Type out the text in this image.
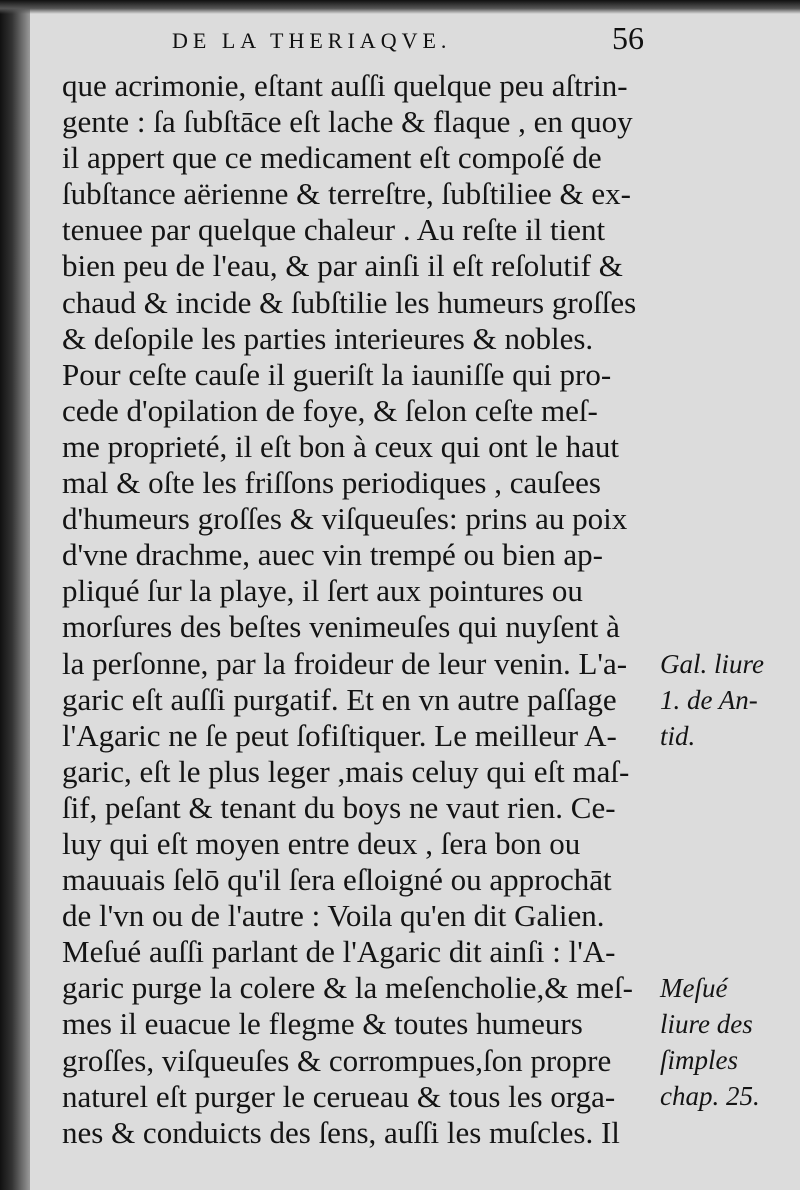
DE LA THERIAQVE.	56
que acrimonie, eſtant auſſi quelque peu aſtrin-
gente : ſa ſubſtāce eſt lache & flaque , en quoy
il appert que ce medicament eſt compoſé de
ſubſtance aërienne & terreſtre, ſubſtiliee & ex-
tenuee par quelque chaleur . Au reſte il tient
bien peu de l'eau, & par ainſi il eſt reſolutif &
chaud & incide & ſubſtilie les humeurs groſſes
& deſopile les parties interieures & nobles.
Pour ceſte cauſe il gueriſt la iauniſſe qui pro-
cede d'opilation de foye, & ſelon ceſte meſ-
me proprieté, il eſt bon à ceux qui ont le haut
mal & oſte les friſſons periodiques , cauſees
d'humeurs groſſes & viſqueuſes: prins au poix
d'vne drachme, auec vin trempé ou bien ap-
pliqué ſur la playe, il ſert aux pointures ou
morſures des beſtes venimeuſes qui nuyſent à
la perſonne, par la froideur de leur venin. L'a-
garic eſt auſſi purgatif. Et en vn autre paſſage
l'Agaric ne ſe peut ſofiſtiquer. Le meilleur A-
garic, eſt le plus leger ,mais celuy qui eſt maſ-
ſif, peſant & tenant du boys ne vaut rien. Ce-
luy qui eſt moyen entre deux , ſera bon ou
mauuais ſelō qu'il ſera eſloigné ou approchāt
de l'vn ou de l'autre : Voila qu'en dit Galien.
Meſué auſſi parlant de l'Agaric dit ainſi : l'A-
garic purge la colere & la meſencholie,& meſ-
mes il euacue le flegme & toutes humeurs
groſſes, viſqueuſes & corrompues,ſon propre
naturel eſt purger le cerueau & tous les orga-
nes & conduicts des ſens, auſſi les muſcles. Il
Gal. liure
1. de An-
tid.
Meſué
liure des
ſimples
chap. 25.
